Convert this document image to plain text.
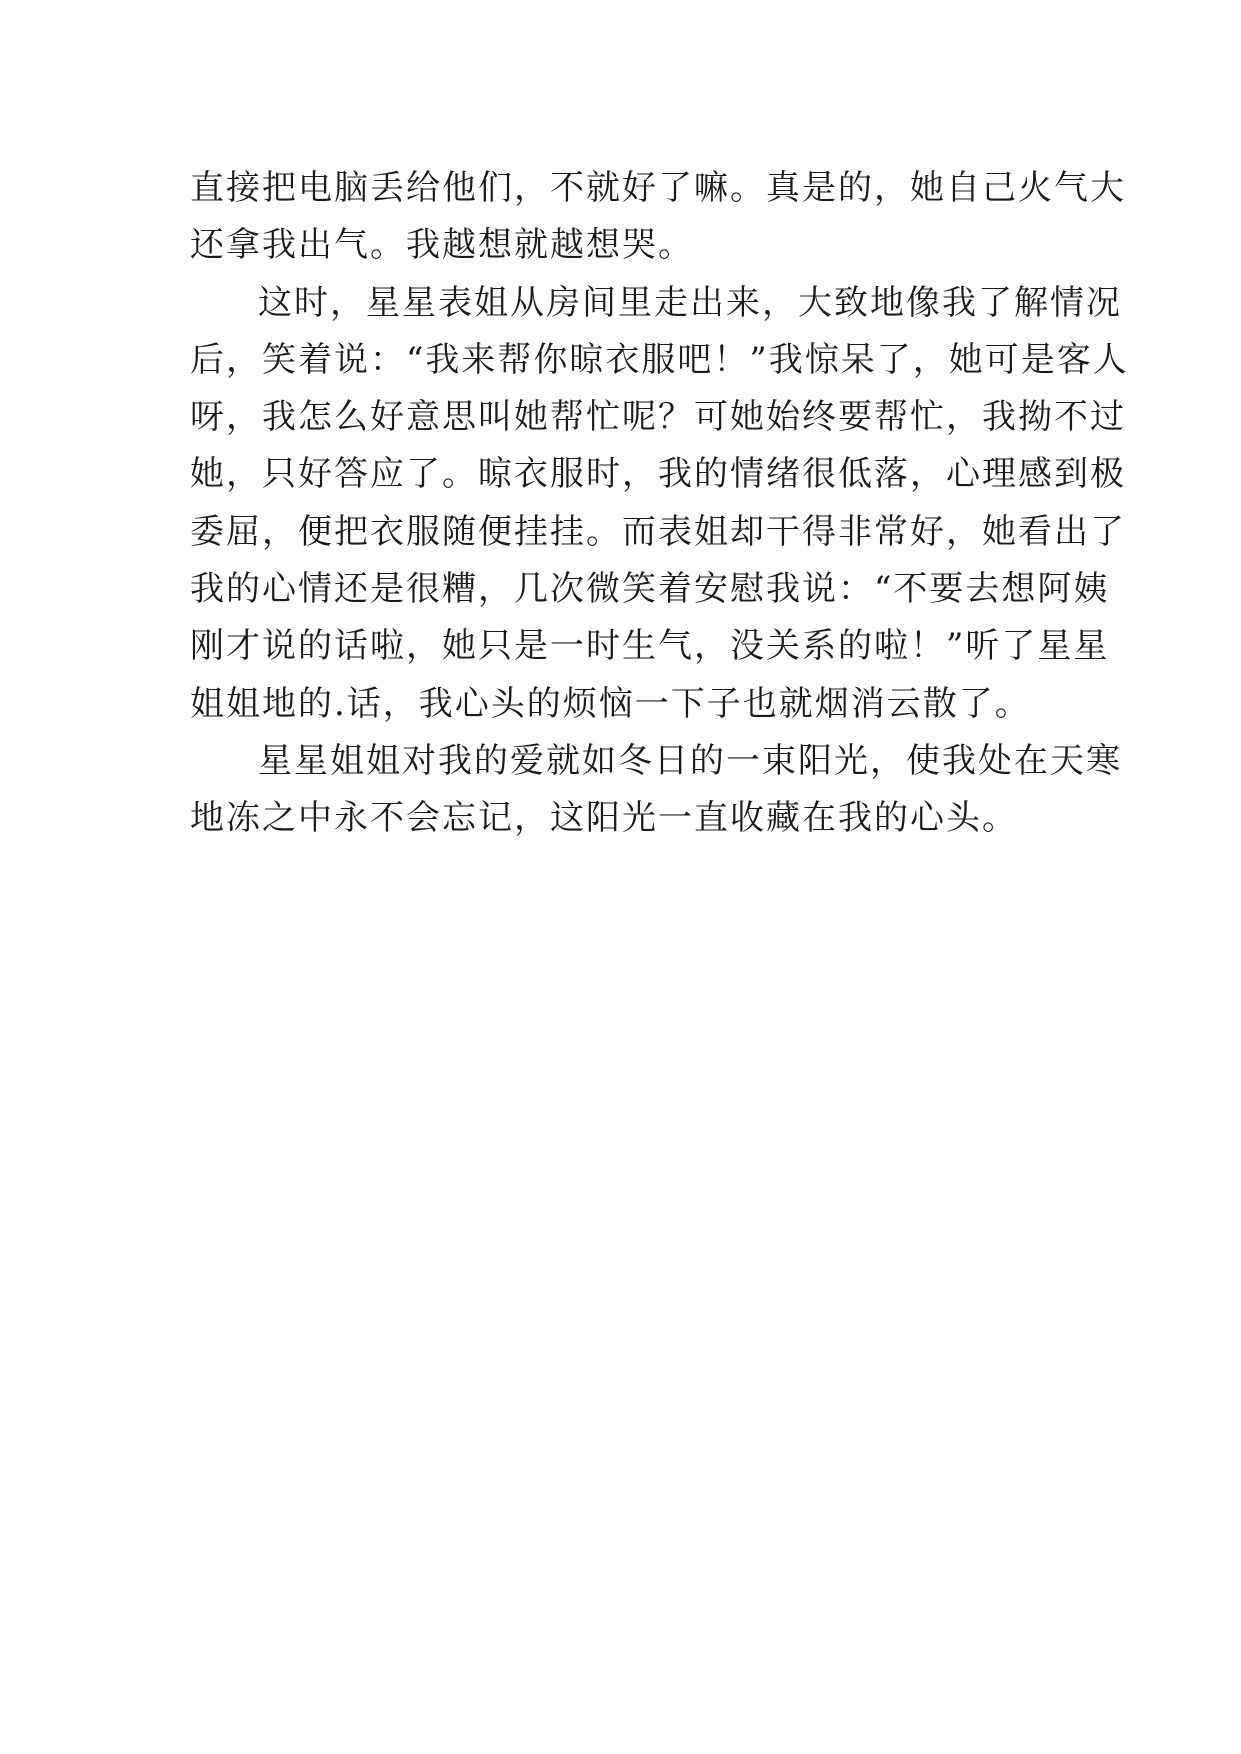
直接把电脑丢给他们，不就好了嘛。真是的，她自己火气大
还拿我出气。我越想就越想哭。
这时，星星表姐从房间里走出来，大致地像我了解情况
后，笑着说：“我来帮你晾衣服吧！”我惊呆了，她可是客人
呀，我怎么好意思叫她帮忙呢？可她始终要帮忙，我拗不过
她，只好答应了。晾衣服时，我的情绪很低落，心理感到极
委屈，便把衣服随便挂挂。而表姐却干得非常好，她看出了
我的心情还是很糟，几次微笑着安慰我说：“不要去想阿姨
刚才说的话啦，她只是一时生气，没关系的啦！”听了星星
姐姐地的.话，我心头的烦恼一下子也就烟消云散了。
星星姐姐对我的爱就如冬日的一束阳光，使我处在天寒
地冻之中永不会忘记，这阳光一直收藏在我的心头。
